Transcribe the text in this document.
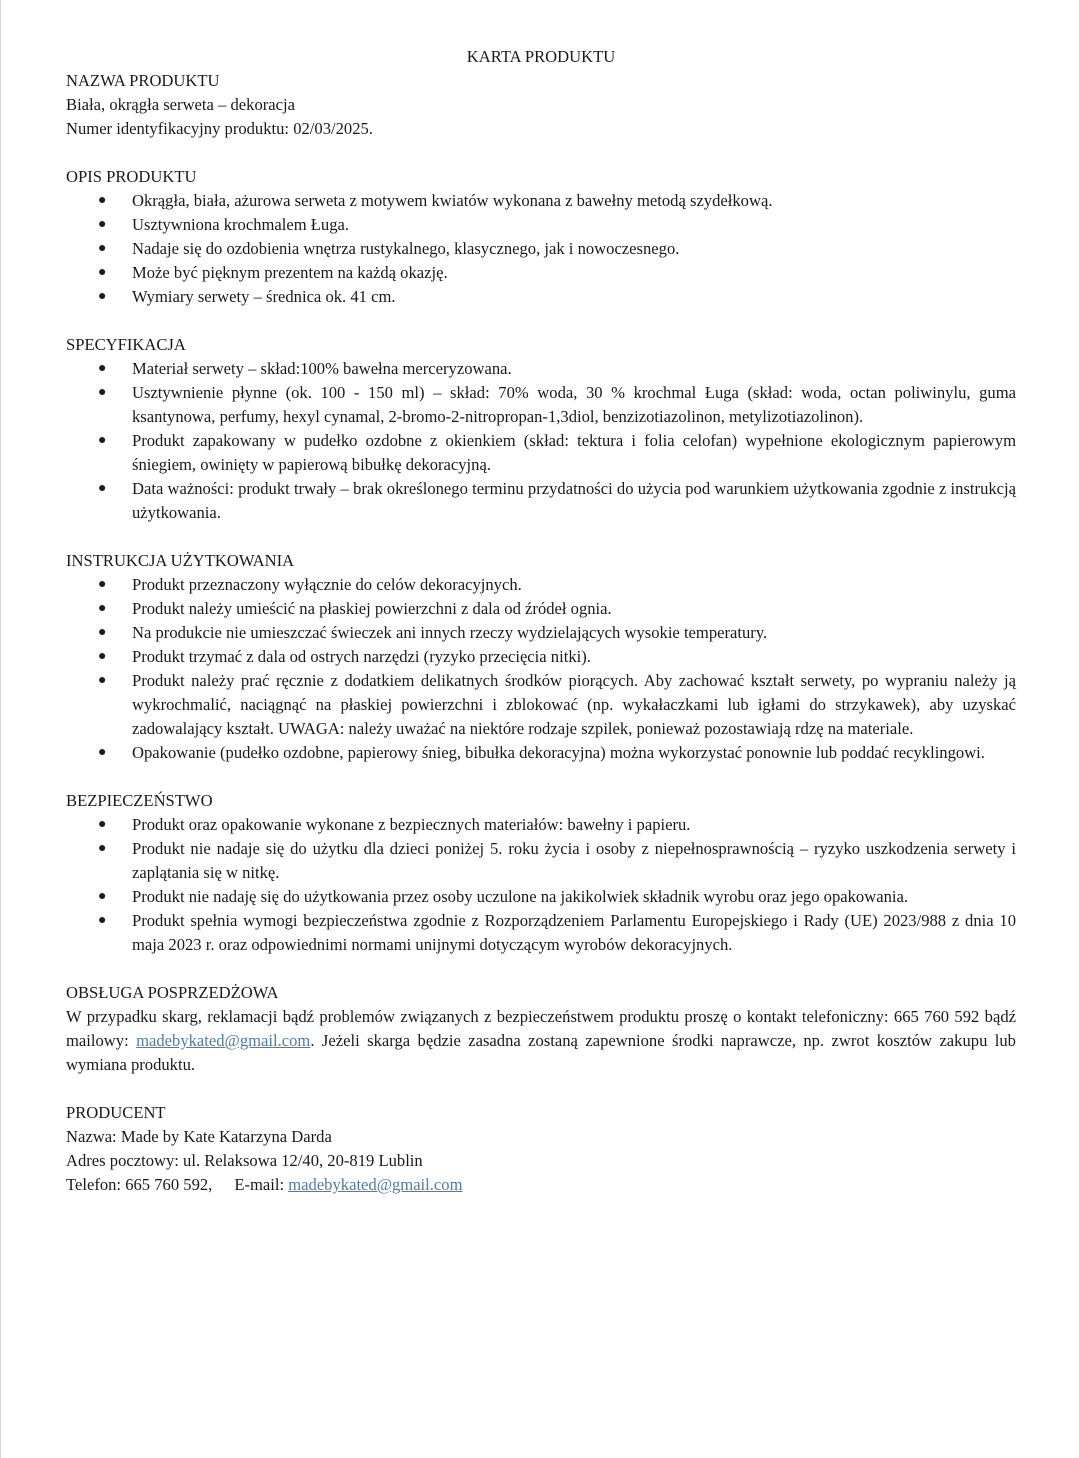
KARTA PRODUKTU

NAZWA PRODUKTU

Biała, okrągła serweta – dekoracja

Numer identyfikacyjny produktu: 02/03/2025.

OPIS PRODUKTU

● Okrągła, biała, ażurowa serweta z motywem kwiatów wykonana z bawełny metodą szydełkową.
● Usztywniona krochmalem Ługa.
● Nadaje się do ozdobienia wnętrza rustykalnego, klasycznego, jak i nowoczesnego.
● Może być pięknym prezentem na każdą okazję.
● Wymiary serwety – średnica ok. 41 cm.

SPECYFIKACJA

● Materiał serwety – skład:100% bawełna merceryzowana.
● Usztywnienie płynne (ok. 100 - 150 ml) – skład: 70% woda, 30 % krochmal Ługa (skład: woda, octan poliwinylu, guma ksantynowa, perfumy, hexyl cynamal, 2-bromo-2-nitropropan-1,3diol, benzizotiazolinon, metylizotiazolinon).
● Produkt zapakowany w pudełko ozdobne z okienkiem (skład: tektura i folia celofan) wypełnione ekologicznym papierowym śniegiem, owinięty w papierową bibułkę dekoracyjną.
● Data ważności: produkt trwały – brak określonego terminu przydatności do użycia pod warunkiem użytkowania zgodnie z instrukcją użytkowania.

INSTRUKCJA UŻYTKOWANIA

● Produkt przeznaczony wyłącznie do celów dekoracyjnych.
● Produkt należy umieścić na płaskiej powierzchni z dala od źródeł ognia.
● Na produkcie nie umieszczać świeczek ani innych rzeczy wydzielających wysokie temperatury.
● Produkt trzymać z dala od ostrych narzędzi (ryzyko przecięcia nitki).
● Produkt należy prać ręcznie z dodatkiem delikatnych środków piorących. Aby zachować kształt serwety, po wypraniu należy ją wykrochmalić, naciągnąć na płaskiej powierzchni i zblokować (np. wykałaczkami lub igłami do strzykawek), aby uzyskać zadowalający kształt. UWAGA: należy uważać na niektóre rodzaje szpilek, ponieważ pozostawiają rdzę na materiale.
● Opakowanie (pudełko ozdobne, papierowy śnieg, bibułka dekoracyjna) można wykorzystać ponownie lub poddać recyklingowi.

BEZPIECZEŃSTWO

● Produkt oraz opakowanie wykonane z bezpiecznych materiałów: bawełny i papieru.
● Produkt nie nadaje się do użytku dla dzieci poniżej 5. roku życia i osoby z niepełnosprawnością – ryzyko uszkodzenia serwety i zaplątania się w nitkę.
● Produkt nie nadaję się do użytkowania przez osoby uczulone na jakikolwiek składnik wyrobu oraz jego opakowania.
● Produkt spełnia wymogi bezpieczeństwa zgodnie z Rozporządzeniem Parlamentu Europejskiego i Rady (UE) 2023/988 z dnia 10 maja 2023 r. oraz odpowiednimi normami unijnymi dotyczącym wyrobów dekoracyjnych.

OBSŁUGA POSPRZEDŻOWA

W przypadku skarg, reklamacji bądź problemów związanych z bezpieczeństwem produktu proszę o kontakt telefoniczny: 665 760 592 bądź mailowy: madebykated@gmail.com. Jeżeli skarga będzie zasadna zostaną zapewnione środki naprawcze, np. zwrot kosztów zakupu lub wymiana produktu.

PRODUCENT

Nazwa: Made by Kate Katarzyna Darda

Adres pocztowy: ul. Relaksowa 12/40, 20-819 Lublin

Telefon: 665 760 592, E-mail: madebykated@gmail.com
